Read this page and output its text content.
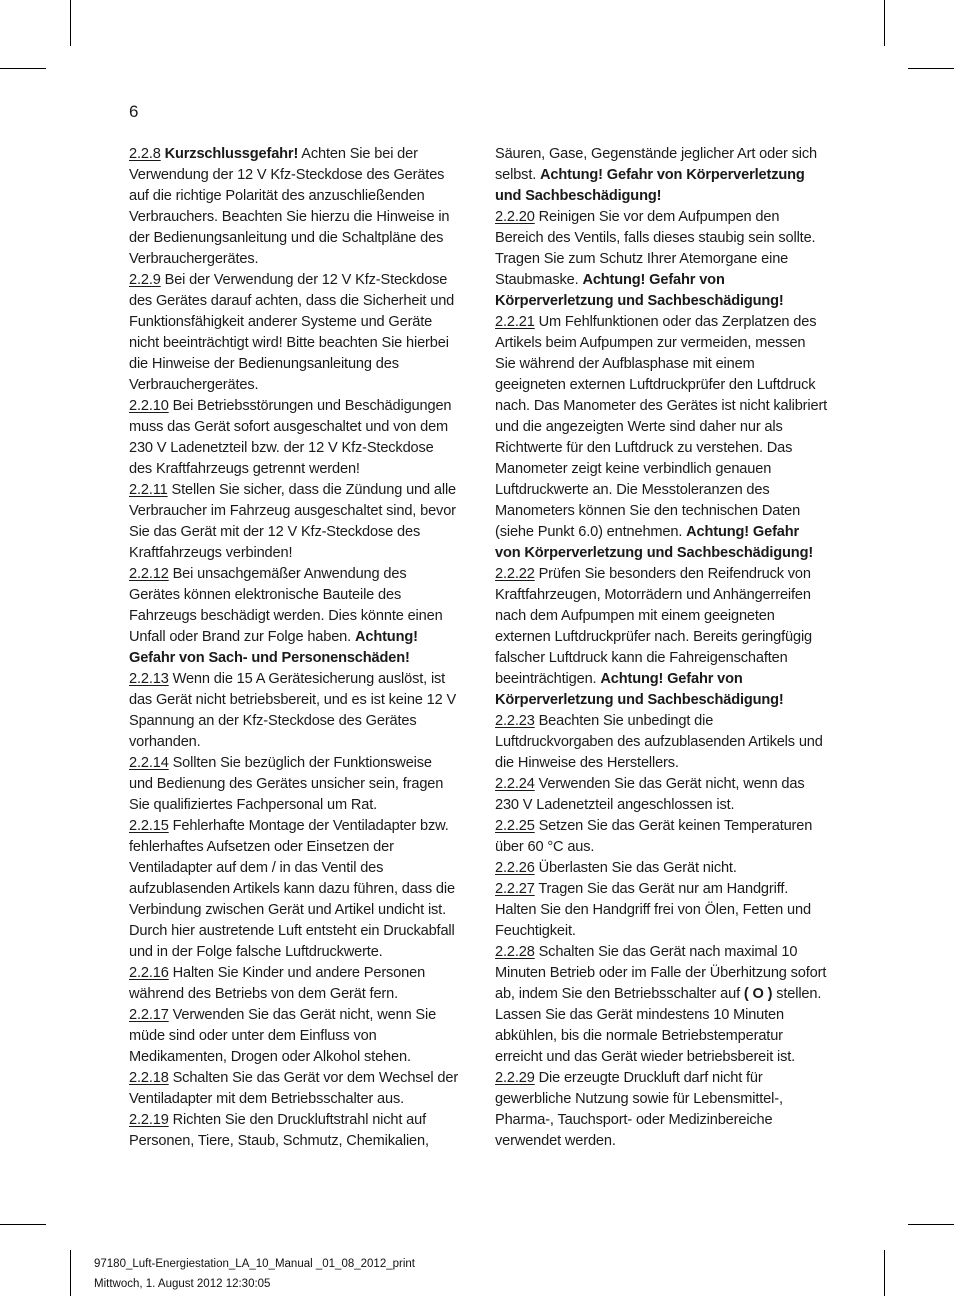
6

2.2.8 Kurzschlussgefahr! Achten Sie bei der Verwendung der 12 V Kfz-Steckdose des Gerätes auf die richtige Polarität des anzuschließenden Verbrauchers. Beachten Sie hierzu die Hinweise in der Bedienungsanleitung und die Schaltpläne des Verbrauchergerätes.

2.2.9 Bei der Verwendung der 12 V Kfz-Steckdose des Gerätes darauf achten, dass die Sicherheit und Funktionsfähigkeit anderer Systeme und Geräte nicht beeinträchtigt wird! Bitte beachten Sie hierbei die Hinweise der Bedienungsanleitung des Verbrauchergerätes.

2.2.10 Bei Betriebsstörungen und Beschädigungen muss das Gerät sofort ausgeschaltet und von dem 230 V Ladenetzteil bzw. der 12 V Kfz-Steckdose des Kraftfahrzeugs getrennt werden!

2.2.11 Stellen Sie sicher, dass die Zündung und alle Verbraucher im Fahrzeug ausgeschaltet sind, bevor Sie das Gerät mit der 12 V Kfz-Steckdose des Kraftfahrzeugs verbinden!

2.2.12 Bei unsachgemäßer Anwendung des Gerätes können elektronische Bauteile des Fahrzeugs beschädigt werden. Dies könnte einen Unfall oder Brand zur Folge haben. Achtung! Gefahr von Sach- und Personenschäden!

2.2.13 Wenn die 15 A Gerätesicherung auslöst, ist das Gerät nicht betriebsbereit, und es ist keine 12 V Spannung an der Kfz-Steckdose des Gerätes vorhanden.

2.2.14 Sollten Sie bezüglich der Funktionsweise und Bedienung des Gerätes unsicher sein, fragen Sie qualifiziertes Fachpersonal um Rat.

2.2.15 Fehlerhafte Montage der Ventiladapter bzw. fehlerhaftes Aufsetzen oder Einsetzen der Ventiladapter auf dem / in das Ventil des aufzublasenden Artikels kann dazu führen, dass die Verbindung zwischen Gerät und Artikel undicht ist. Durch hier austretende Luft entsteht ein Druckabfall und in der Folge falsche Luftdruckwerte.

2.2.16 Halten Sie Kinder und andere Personen während des Betriebs von dem Gerät fern.

2.2.17 Verwenden Sie das Gerät nicht, wenn Sie müde sind oder unter dem Einfluss von Medikamenten, Drogen oder Alkohol stehen.

2.2.18 Schalten Sie das Gerät vor dem Wechsel der Ventiladapter mit dem Betriebsschalter aus.

2.2.19 Richten Sie den Druckluftstrahl nicht auf Personen, Tiere, Staub, Schmutz, Chemikalien,

Säuren, Gase, Gegenstände jeglicher Art oder sich selbst. Achtung! Gefahr von Körperverletzung und Sachbeschädigung!

2.2.20 Reinigen Sie vor dem Aufpumpen den Bereich des Ventils, falls dieses staubig sein sollte. Tragen Sie zum Schutz Ihrer Atemorgane eine Staubmaske. Achtung! Gefahr von Körperverletzung und Sachbeschädigung!

2.2.21 Um Fehlfunktionen oder das Zerplatzen des Artikels beim Aufpumpen zur vermeiden, messen Sie während der Aufblasphase mit einem geeigneten externen Luftdruckprüfer den Luftdruck nach. Das Manometer des Gerätes ist nicht kalibriert und die angezeigten Werte sind daher nur als Richtwerte für den Luftdruck zu verstehen. Das Manometer zeigt keine verbindlich genauen Luftdruckwerte an. Die Messtoleranzen des Manometers können Sie den technischen Daten (siehe Punkt 6.0) entnehmen. Achtung! Gefahr von Körperverletzung und Sachbeschädigung!

2.2.22 Prüfen Sie besonders den Reifendruck von Kraftfahrzeugen, Motorrädern und Anhängerreifen nach dem Aufpumpen mit einem geeigneten externen Luftdruckprüfer nach. Bereits geringfügig falscher Luftdruck kann die Fahreigenschaften beeinträchtigen. Achtung! Gefahr von Körperverletzung und Sachbeschädigung!

2.2.23 Beachten Sie unbedingt die Luftdruckvorgaben des aufzublasenden Artikels und die Hinweise des Herstellers.

2.2.24 Verwenden Sie das Gerät nicht, wenn das 230 V Ladenetzteil angeschlossen ist.

2.2.25 Setzen Sie das Gerät keinen Temperaturen über 60 °C aus.

2.2.26 Überlasten Sie das Gerät nicht.

2.2.27 Tragen Sie das Gerät nur am Handgriff. Halten Sie den Handgriff frei von Ölen, Fetten und Feuchtigkeit.

2.2.28 Schalten Sie das Gerät nach maximal 10 Minuten Betrieb oder im Falle der Überhitzung sofort ab, indem Sie den Betriebsschalter auf ( O ) stellen. Lassen Sie das Gerät mindestens 10 Minuten abkühlen, bis die normale Betriebstemperatur erreicht und das Gerät wieder betriebsbereit ist.

2.2.29 Die erzeugte Druckluft darf nicht für gewerbliche Nutzung sowie für Lebensmittel-, Pharma-, Tauchsport- oder Medizinbereiche verwendet werden.

97180_Luft-Energiestation_LA_10_Manual _01_08_2012_print
Mittwoch, 1. August 2012 12:30:05
